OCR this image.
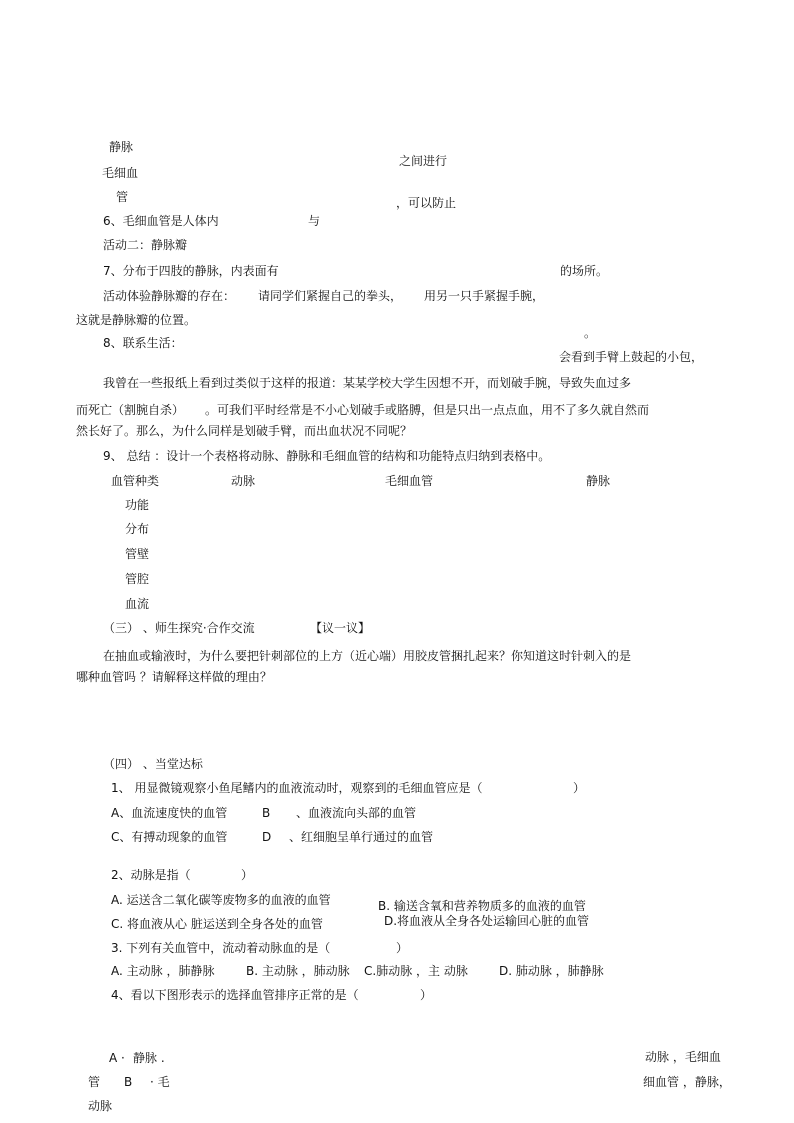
静脉
毛细血
之间进行
管	，可以防止
6、毛细血管是人体内	与
活动二：静脉瓣
7、分布于四肢的静脉，内表面有	的场所。
活动体验静脉瓣的存在： 请同学们紧握自己的拳头， 用另一只手紧握手腕，
这就是静脉瓣的位置。
。
8、联系生活：
会看到手臂上鼓起的小包，
我曾在一些报纸上看到过类似于这样的报道：某某学校大学生因想不开，而划破手腕，导致失血过多
而死亡（割腕自杀） 。可我们平时经常是不小心划破手或胳膊，但是只出一点点血，用不了多久就自然而
然长好了。那么，为什么同样是划破手臂，而出血状况不同呢？
9、 总结 ：设计一个表格将动脉、静脉和毛细血管的结构和功能特点归纳到表格中。
血管种类	动脉	毛细血管	静脉
功能
分布
管壁
管腔
血流
（三） 、师生探究·合作交流	【议一议】
在抽血或输液时，为什么要把针刺部位的上方（近心端）用胶皮管捆扎起来？你知道这时针刺入的是
哪种血管吗 ？请解释这样做的理由？
（四） 、当堂达标
1、 用显微镜观察小鱼尾鳍内的血液流动时，观察到的毛细血管应是（	）
A、血流速度快的血管	B 、血液流向头部的血管
C、有搏动现象的血管	D 、红细胞呈单行通过的血管
2、动脉是指（	）
A. 运送含二氧化碳等废物多的血液的血管	B. 输送含氧和营养物质多的血液的血管
C. 将血液从心 脏运送到全身各处的血管	D.将血液从全身各处运输回心脏的血管
3. 下列有关血管中，流动着动脉血的是（	）
A. 主动脉 ，肺静脉	B. 主动脉 ，肺动脉 C.肺动脉 ，主 动脉	D. 肺动脉 ，肺静脉
4、看以下图形表示的选择血管排序正常的是（	）
A · 静脉 .	动脉 ，毛细血
管 B · 毛	细血管 ，静脉，
动脉
